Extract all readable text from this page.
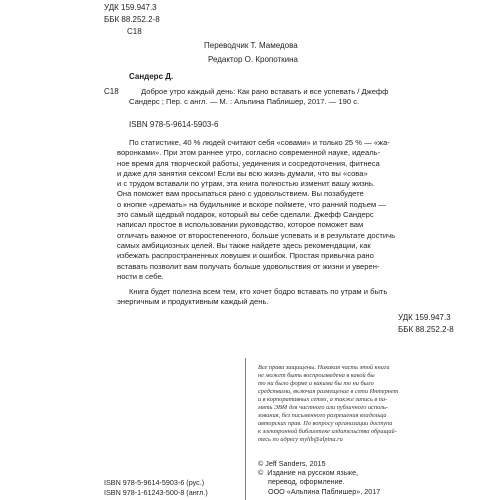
УДК 159.947.3
ББК 88.252.2-8
С18
Переводчик Т. Мамедова
Редактор О. Кропоткина
Сандерс Д.
С18	Доброе утро каждый день: Как рано вставать и все успевать / Джефф
Сандерс ; Пер. с англ. — М. : Альпина Паблишер, 2017. — 190 с.
ISBN 978-5-9614-5903-6
По статистике, 40 % людей считают себя «совами» и только 25 % — «жа-
воронками». При этом раннее утро, согласно современной науке, идеаль-
ное время для творческой работы, уединения и сосредоточения, фитнеса
и даже для занятия сексом! Если вы всю жизнь думали, что вы «сова»
и с трудом вставали по утрам, эта книга полностью изменит вашу жизнь.
Она поможет вам просыпаться рано с удовольствием. Вы позабудете
о кнопке «дремать» на будильнике и вскоре поймете, что ранний подъем —
это самый щедрый подарок, который вы себе сделали. Джефф Сандерс
написал простое в использовании руководство, которое поможет вам
отличать важное от второстепенного, больше успевать и в результате достичь
самых амбициозных целей. Вы также найдете здесь рекомендации, как
избежать распространенных ловушек и ошибок. Простая привычка рано
вставать позволит вам получать больше удовольствия от жизни и уверен-
ности в себе.
Книга будет полезна всем тем, кто хочет бодро вставать по утрам и быть
энергичным и продуктивным каждый день.
УДК 159.947.3
ББК 88.252.2-8
Все права защищены. Никакая часть этой книги
не может быть воспроизведена в какой бы
то ни было форме и какими бы то ни было
средствами, включая размещение в сети Интернет
и в корпоративных сетях, а также запись в па-
мять ЭВМ для частного или публичного исполь-
зования, без письменного разрешения владельца
авторских прав. По вопросу организации доступа
к электронной библиотеке издательства обращай-
тесь по адресу mylib@alpina.ru
© Jeff Sanders, 2015
©  Издание на русском языке,
перевод, оформление.
ООО «Альпина Паблишер», 2017
ISBN 978-5-9614-5903-6 (рус.)
ISBN 978-1-61243-500-8 (англ.)
